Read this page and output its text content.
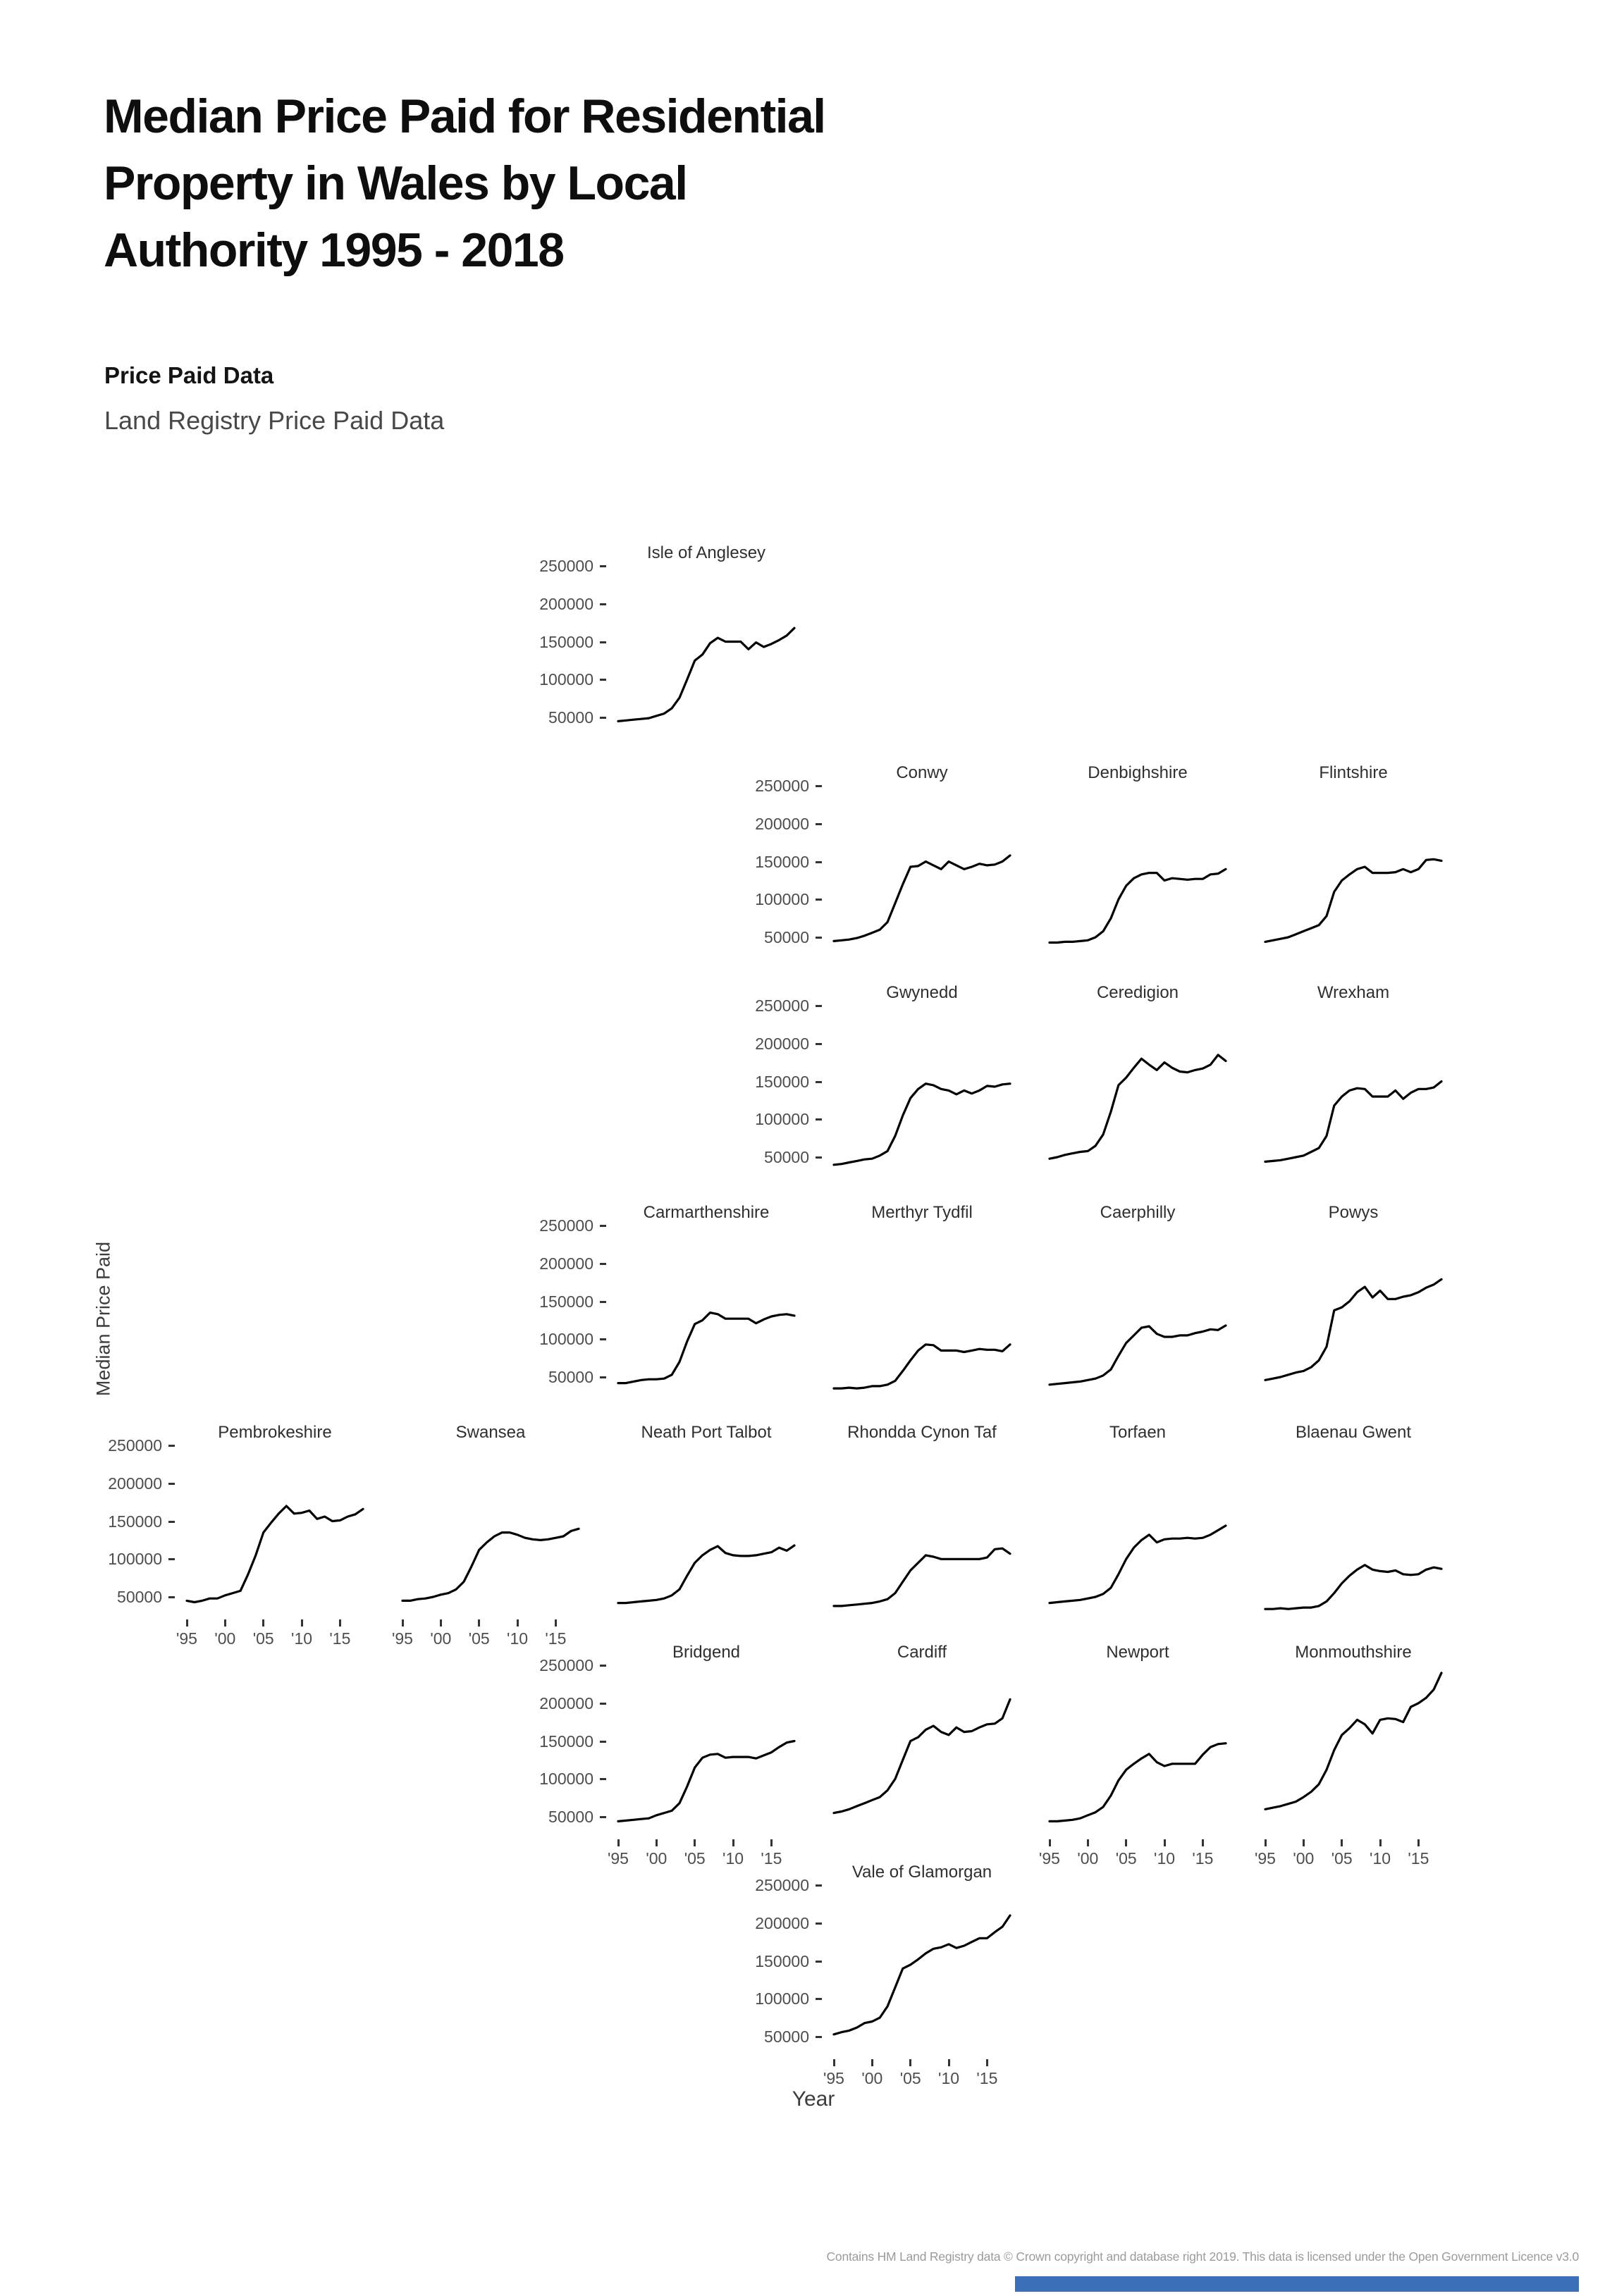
Median Price Paid for Residential
Property in Wales by Local
Authority 1995 - 2018
Price Paid Data
Land Registry Price Paid Data
Median Price Paid
Isle of Anglesey
250000
200000
150000
100000
50000
Conwy
250000
200000
150000
100000
50000
Denbighshire	Flintshire
Gwynedd
250000
200000
150000
100000
50000
Ceredigion	Wrexham
Carmarthenshire
250000
200000
150000
100000
50000
Merthyr Tydfil	Caerphilly	Powys
Pembrokeshire
250000
200000
150000
100000
50000
'95	'00	'05	'10	'15
Swansea
'95	'00	'05	'10	'15
Neath Port Talbot	Rhondda Cynon Taf	Torfaen	Blaenau Gwent
Bridgend
250000
200000
150000
100000
50000
'95	'00	'05	'10	'15
Cardiff	Newport
'95	'00	'05	'10	'15
Monmouthshire
'95	'00	'05	'10	'15
Vale of Glamorgan
250000
200000
150000
100000
50000
'95	'00	'05	'10	'15
Year
Contains HM Land Registry data © Crown copyright and database right 2019. This data is licensed under the Open Government Licence v3.0
